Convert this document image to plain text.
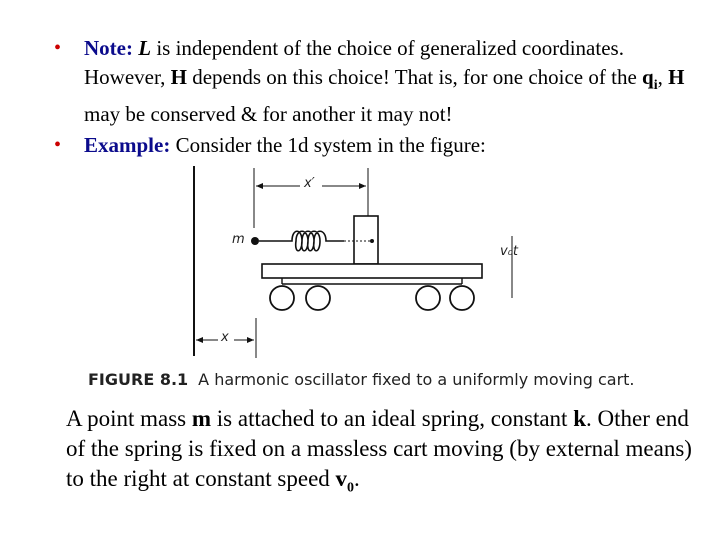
• Note: L is independent of the choice of generalized coordinates. However, H depends on this choice! That is, for one choice of the $q_i$, H may be conserved & for another it may not!
• Example: Consider the 1d system in the figure:
x′
m
v₀t
x
FIGURE 8.1 A harmonic oscillator fixed to a uniformly moving cart.
A point mass m is attached to an ideal spring, constant k. Other end of the spring is fixed on a massless cart moving (by external means) to the right at constant speed $v_0$.
